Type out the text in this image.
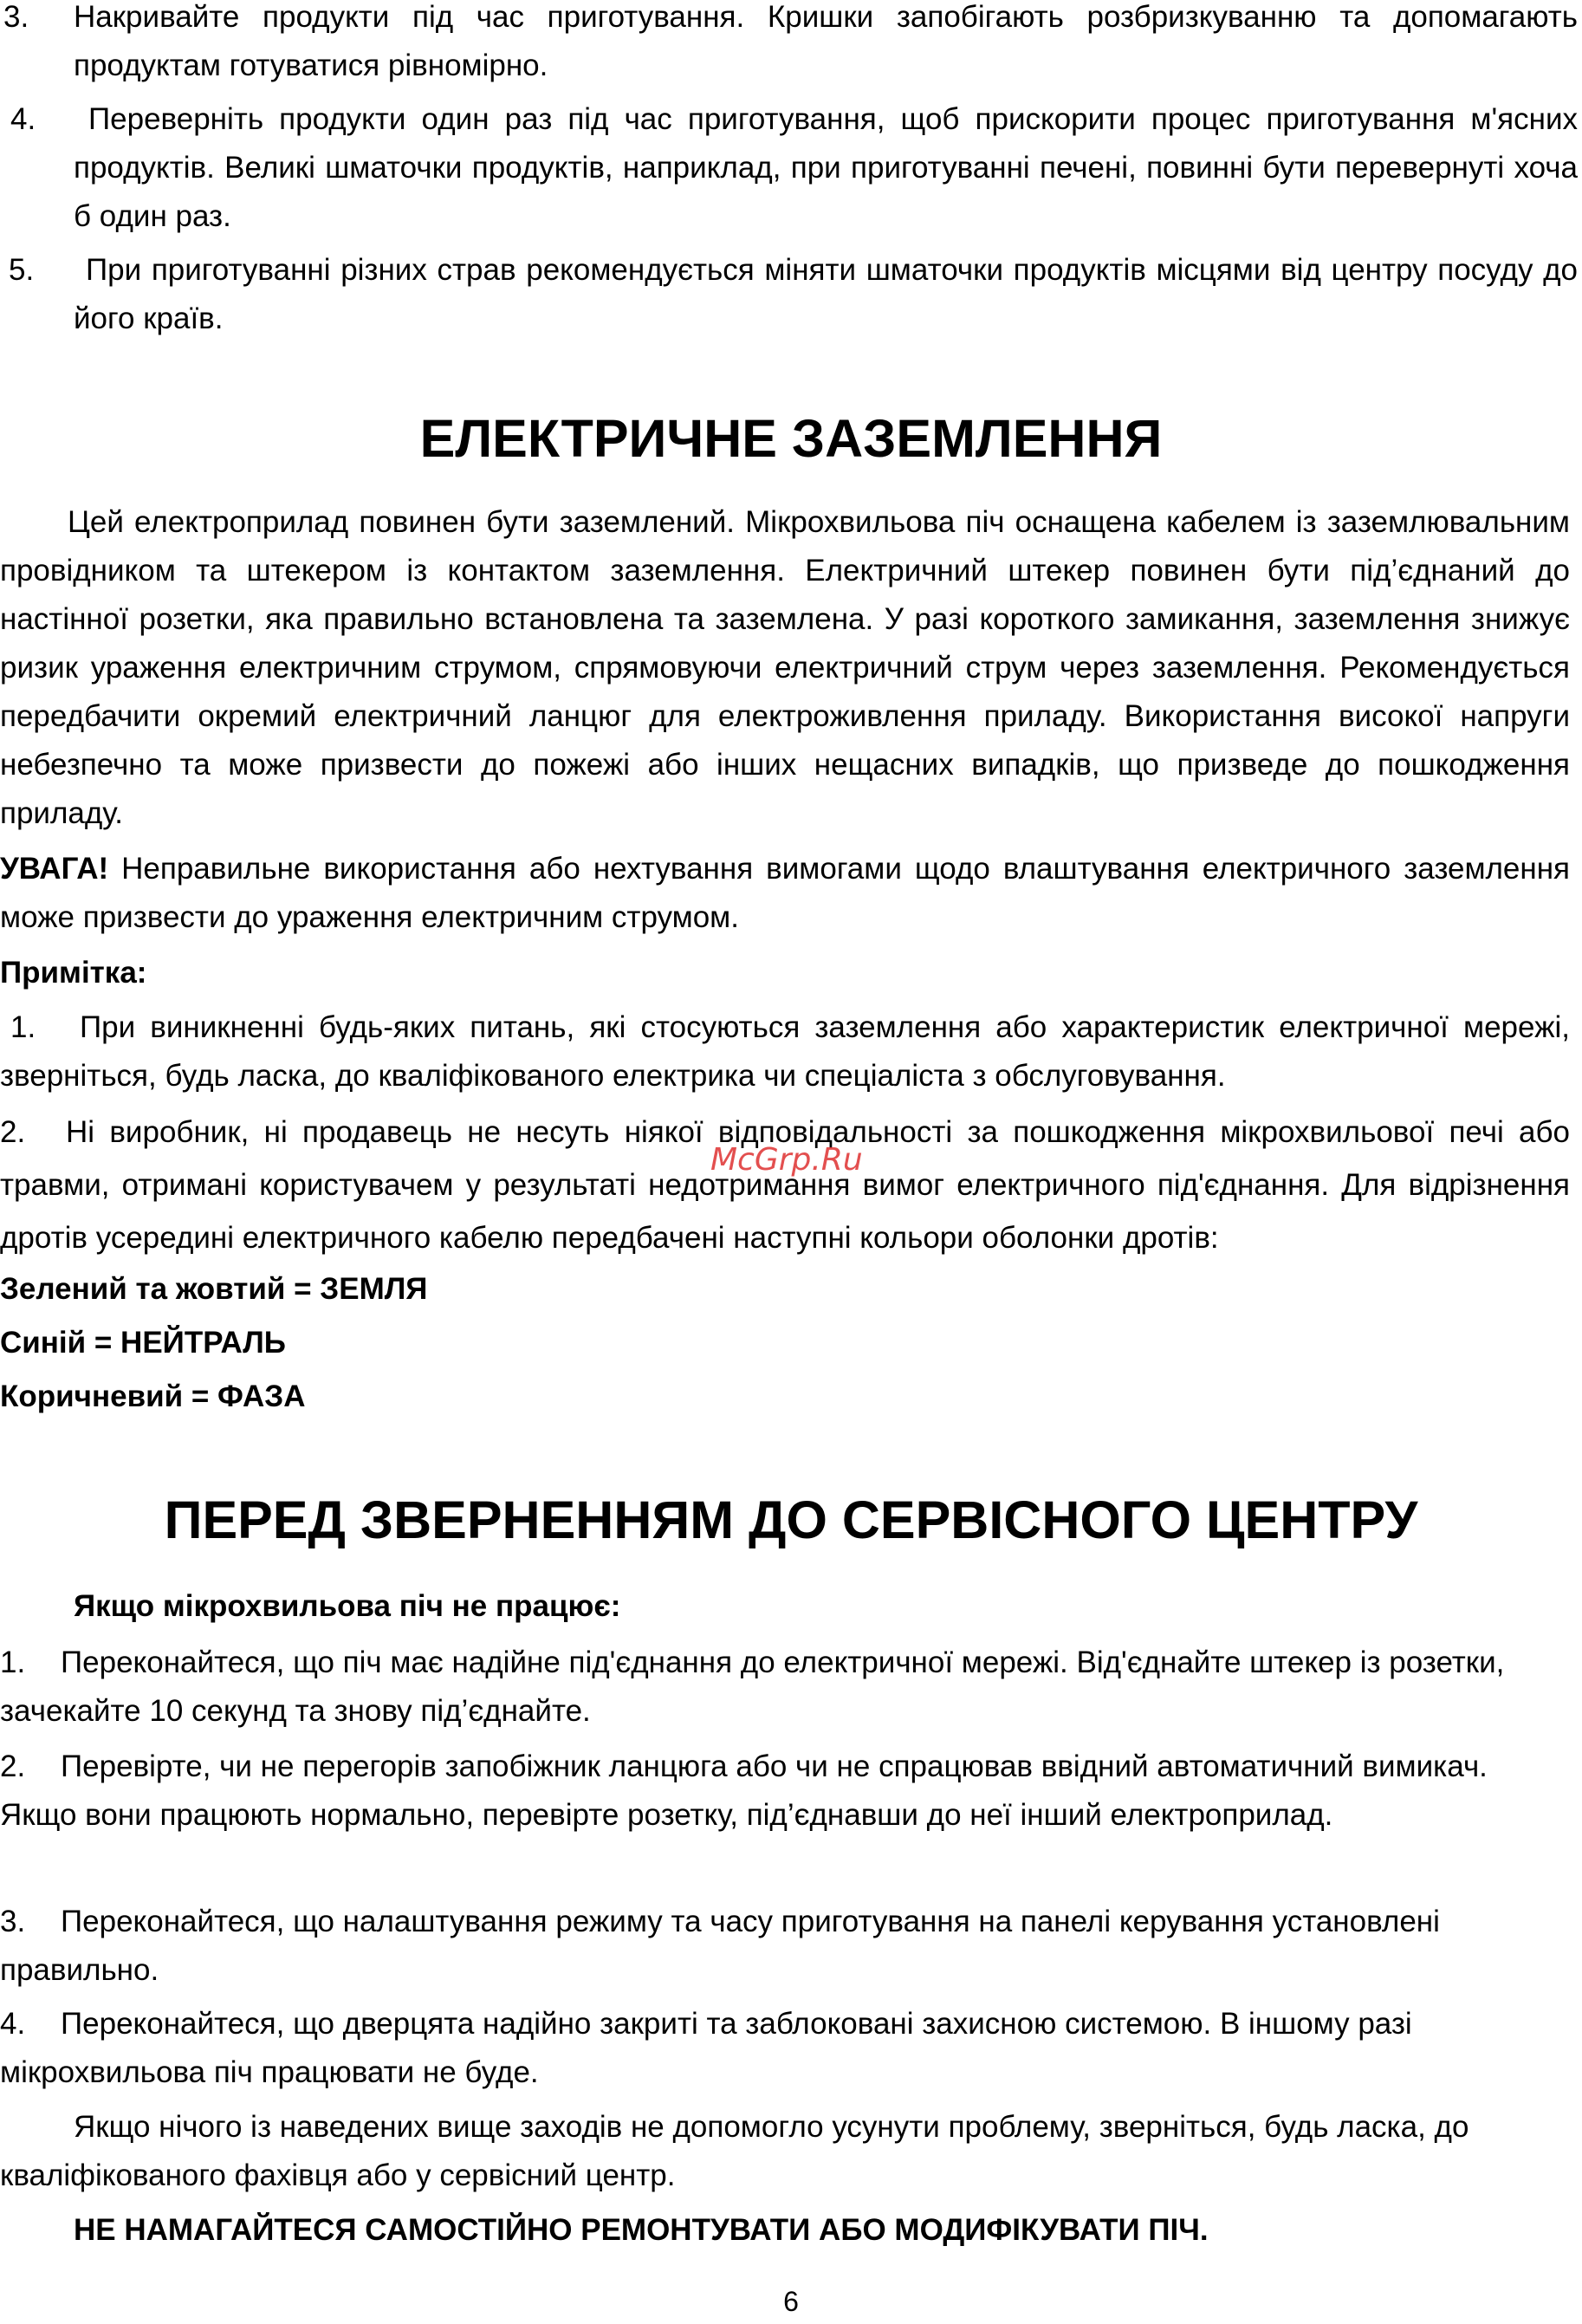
3. Накривайте продукти під час приготування. Кришки запобігають розбризкуванню та допомагають продуктам готуватися рівномірно.

4.	Переверніть продукти один раз під час приготування, щоб прискорити процес приготування м'ясних продуктів. Великі шматочки продуктів, наприклад, при приготуванні печені, повинні бути перевернуті хоча б один раз.

5.	При приготуванні різних страв рекомендується міняти шматочки продуктів місцями від центру посуду до його країв.

ЕЛЕКТРИЧНЕ ЗАЗЕМЛЕННЯ

Цей електроприлад повинен бути заземлений. Мікрохвильова піч оснащена кабелем із заземлювальним провідником та штекером із контактом заземлення. Електричний штекер повинен бути під’єднаний до настінної розетки, яка правильно встановлена та заземлена. У разі короткого замикання, заземлення знижує ризик ураження електричним струмом, спрямовуючи електричний струм через заземлення. Рекомендується передбачити окремий електричний ланцюг для електроживлення приладу. Використання високої напруги небезпечно та може призвести до пожежі або інших нещасних випадків, що призведе до пошкодження приладу.

УВАГА! Неправильне використання або нехтування вимогами щодо влаштування електричного заземлення може призвести до ураження електричним струмом.

Примітка:

1. При виникненні будь-яких питань, які стосуються заземлення або характеристик електричної мережі, зверніться, будь ласка, до кваліфікованого електрика чи спеціаліста з обслуговування.

2. Ні виробник, ні продавець не несуть ніякої відповідальності за пошкодження мікрохвильової печі або травми, отримані користувачем у результаті недотримання вимог електричного під'єднання. Для відрізнення дротів усередині електричного кабелю передбачені наступні кольори оболонки дротів:

Зелений та жовтий = ЗЕМЛЯ

Синій = НЕЙТРАЛЬ

Коричневий = ФАЗА

ПЕРЕД ЗВЕРНЕННЯМ ДО СЕРВІСНОГО ЦЕНТРУ

Якщо мікрохвильова піч не працює:

1. Переконайтеся, що піч має надійне під'єднання до електричної мережі. Від'єднайте штекер із розетки, зачекайте 10 секунд та знову під’єднайте.

2. Перевірте, чи не перегорів запобіжник ланцюга або чи не спрацював ввідний автоматичний вимикач. Якщо вони працюють нормально, перевірте розетку, під’єднавши до неї інший електроприлад.

3. Переконайтеся, що налаштування режиму та часу приготування на панелі керування установлені правильно.

4. Переконайтеся, що дверцята надійно закриті та заблоковані захисною системою. В іншому разі мікрохвильова піч працювати не буде.

Якщо нічого із наведених вище заходів не допомогло усунути проблему, зверніться, будь ласка, до кваліфікованого фахівця або у сервісний центр.

НЕ НАМАГАЙТЕСЯ САМОСТІЙНО РЕМОНТУВАТИ АБО МОДИФІКУВАТИ ПІЧ.

McGrp.Ru
6
